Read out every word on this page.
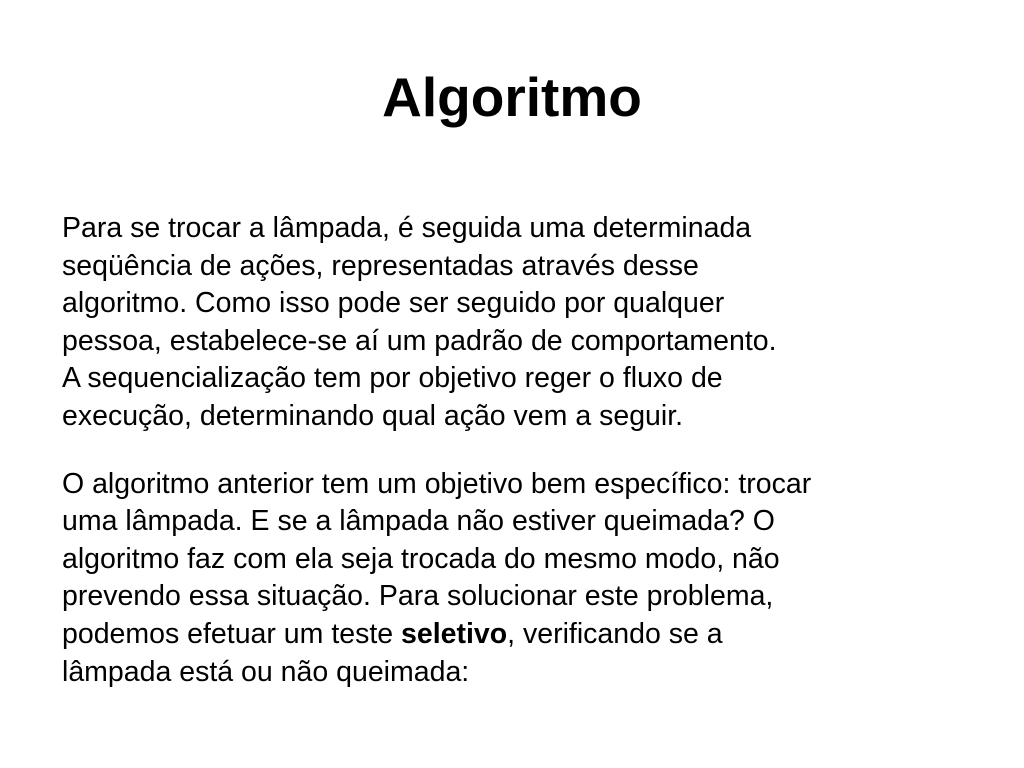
Algoritmo

Para se trocar a lâmpada, é seguida uma determinada
seqüência de ações, representadas através desse
algoritmo. Como isso pode ser seguido por qualquer
pessoa, estabelece-se aí um padrão de comportamento.
A sequencialização tem por objetivo reger o fluxo de
execução, determinando qual ação vem a seguir.

O algoritmo anterior tem um objetivo bem específico: trocar
uma lâmpada. E se a lâmpada não estiver queimada? O
algoritmo faz com ela seja trocada do mesmo modo, não
prevendo essa situação. Para solucionar este problema,
podemos efetuar um teste seletivo, verificando se a
lâmpada está ou não queimada:
